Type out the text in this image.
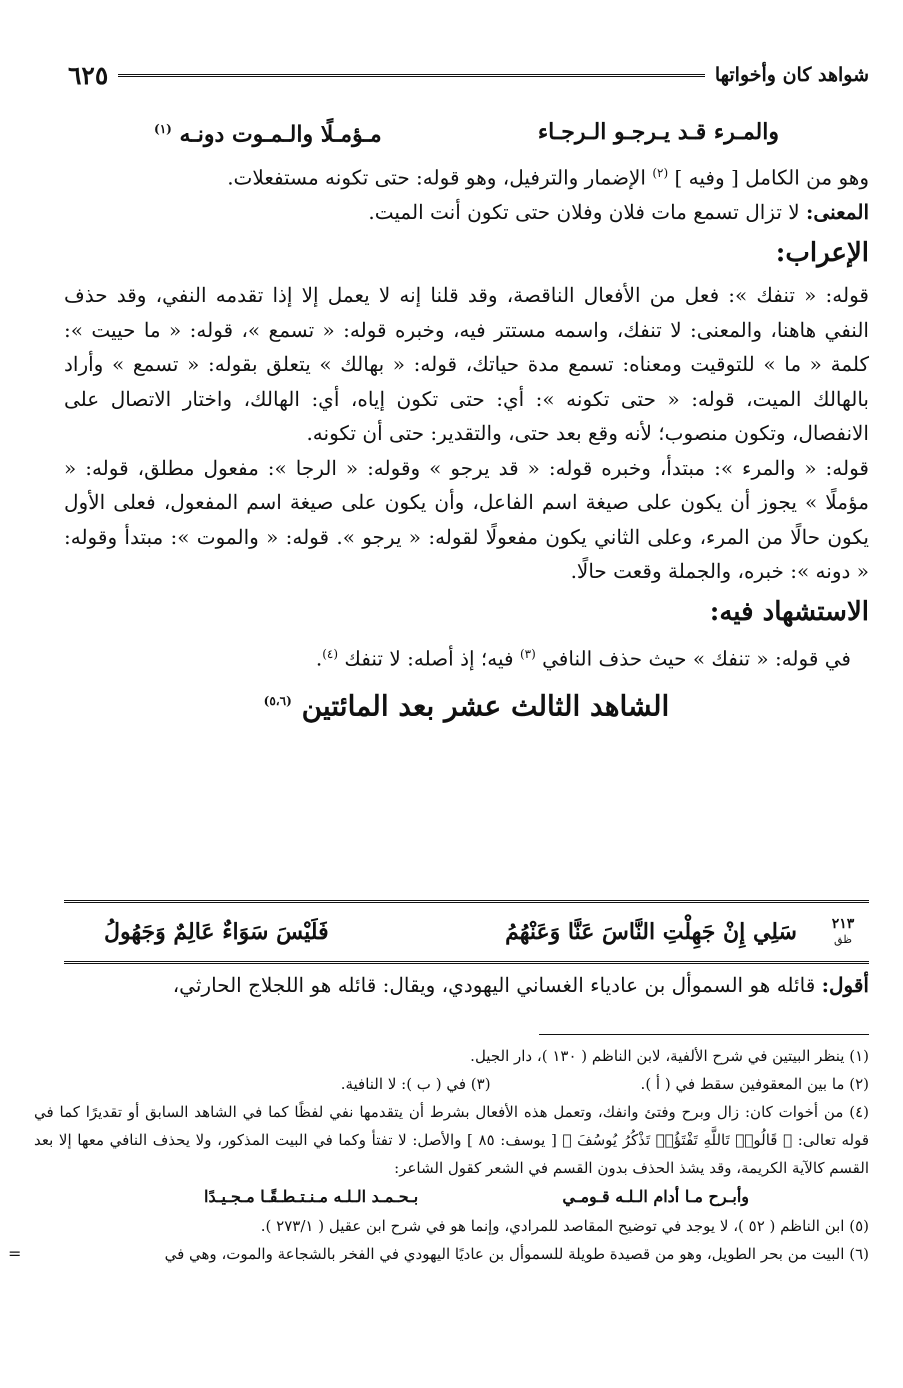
شواهد كان وأخواتها
٦٢٥
والمـرء قـد يـرجـو الـرجـاء
مـؤمـلًا والـمـوت دونـه $^{(١)}$

وهو من الكامل [ وفيه ] $^{(٢)}$ الإضمار والترفيل، وهو قوله: حتى تكونه مستفعلات.

المعنى: لا تزال تسمع مات فلان وفلان حتى تكون أنت الميت.

الإعراب:

قوله: « تنفك »: فعل من الأفعال الناقصة، وقد قلنا إنه لا يعمل إلا إذا تقدمه النفي، وقد حذف النفي هاهنا، والمعنى: لا تنفك، واسمه مستتر فيه، وخبره قوله: « تسمع »، قوله: « ما حييت »: كلمة « ما » للتوقيت ومعناه: تسمع مدة حياتك، قوله: « بهالك » يتعلق بقوله: « تسمع » وأراد بالهالك الميت، قوله: « حتى تكونه »: أي: حتى تكون إياه، أي: الهالك، واختار الاتصال على الانفصال، وتكون منصوب؛ لأنه وقع بعد حتى، والتقدير: حتى أن تكونه.

قوله: « والمرء »: مبتدأ، وخبره قوله: « قد يرجو » وقوله: « الرجا »: مفعول مطلق، قوله: « مؤملًا » يجوز أن يكون على صيغة اسم الفاعل، وأن يكون على صيغة اسم المفعول، فعلى الأول يكون حالًا من المرء، وعلى الثاني يكون مفعولًا لقوله: « يرجو ». قوله: « والموت »: مبتدأ وقوله: « دونه »: خبره، والجملة وقعت حالًا.

الاستشهاد فيه:

في قوله: « تنفك » حيث حذف النافي $^{(٣)}$ فيه؛ إذ أصله: لا تنفك $^{(٤)}$.

الشاهد الثالث عشر بعد المائتين $^{(٥،٦)}$
٢١٣
ظق
سَلِي إِنْ جَهِلْتِ النَّاسَ عَنَّا وَعَنْهُمُ
فَلَيْسَ سَوَاءٌ عَالِمٌ وَجَهُولُ
أقول: قائله هو السموأل بن عادياء الغساني اليهودي، ويقال: قائله هو اللجلاج الحارثي،

(١) ينظر البيتين في شرح الألفية، لابن الناظم ( ١٣٠ )، دار الجيل.

(٢) ما بين المعقوفين سقط في ( أ ).
(٣) في ( ب ): لا النافية.

(٤) من أخوات كان: زال وبرح وفتئ وانفك، وتعمل هذه الأفعال بشرط أن يتقدمها نفي لفظًا كما في الشاهد السابق أو تقديرًا كما في قوله تعالى: ﴿ قَالُوا۟ تَاللَّهِ تَفْتَؤُا۟ تَذْكُرُ يُوسُفَ ﴾ [ يوسف: ٨٥ ] والأصل: لا تفتأ وكما في البيت المذكور، ولا يحذف النافي معها إلا بعد القسم كالآية الكريمة، وقد يشذ الحذف بدون القسم في الشعر كقول الشاعر:

وأبـرح مـا أدام الـلـه قـومـي
بـحـمـد الـلـه مـنـتـطـقًـا مـجـيـدًا

(٥) ابن الناظم ( ٥٢ )، لا يوجد في توضيح المقاصد للمرادي، وإنما هو في شرح ابن عقيل ( ٢٧٣/١ ).

(٦) البيت من بحر الطويل، وهو من قصيدة طويلة للسموأل بن عاديًا اليهودي في الفخر بالشجاعة والموت، وهي في
=
